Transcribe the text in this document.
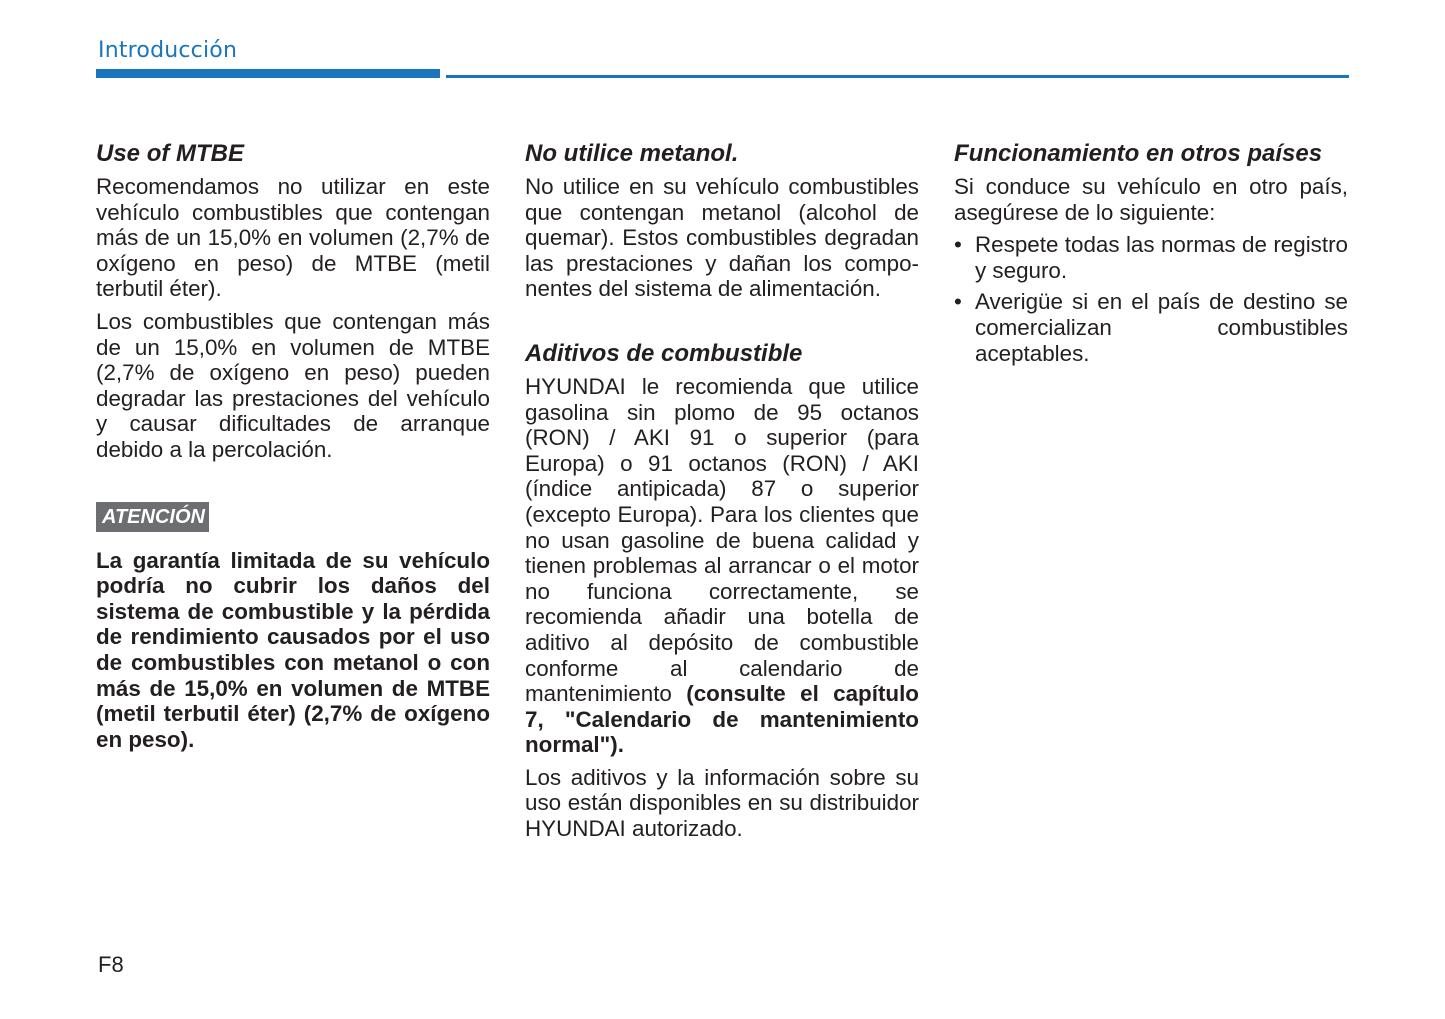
Introducción
Use of MTBE

Recomendamos no utilizar en este vehículo combustibles que contengan más de un 15,0% en volumen (2,7% de oxígeno en peso) de MTBE (metil terbutil éter).

Los combustibles que contengan más de un 15,0% en volumen de MTBE (2,7% de oxígeno en peso) pueden degradar las prestaciones del vehículo y causar dificultades de arranque debido a la percolación.

ATENCIÓN

La garantía limitada de su vehículo podría no cubrir los daños del sistema de combustible y la pérdida de rendimiento causados por el uso de combustibles con metanol o con más de 15,0% en volumen de MTBE (metil terbutil éter) (2,7% de oxígeno en peso).

No utilice metanol.

No utilice en su vehículo combustibles que contengan metanol (alcohol de quemar). Estos combustibles degradan las prestaciones y dañan los componentes del sistema de alimentación.

Aditivos de combustible

HYUNDAI le recomienda que utilice gasolina sin plomo de 95 octanos (RON) / AKI 91 o superior (para Europa) o 91 octanos (RON) / AKI (índice antipicada) 87 o superior (excepto Europa). Para los clientes que no usan gasoline de buena calidad y tienen problemas al arrancar o el motor no funciona correctamente, se recomienda añadir una botella de aditivo al depósito de combustible conforme al calendario de mantenimiento (consulte el capítulo 7, "Calendario de mantenimiento normal").

Los aditivos y la información sobre su uso están disponibles en su distribuidor HYUNDAI autorizado.

Funcionamiento en otros países

Si conduce su vehículo en otro país, asegúrese de lo siguiente:

• Respete todas las normas de registro y seguro.
• Averigüe si en el país de destino se comercializan combustibles aceptables.
F8
